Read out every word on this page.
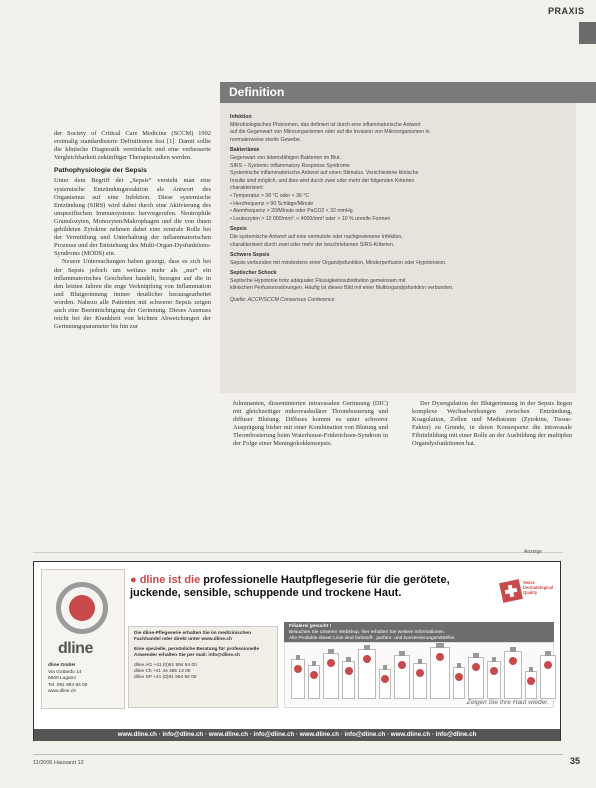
PRAXIS
Definition
Infektion
Mikrobiologisches Phänomen, das definiert ist durch eine inflammatorische Antwort
auf die Gegenwart von Mikroorganismen oder auf die Invasion von Mikroorganismen in
normalerweise sterile Gewebe.
Bakteriämie
Gegenwart von lebensfähigen Bakterien im Blut.
SIRS – Systemic inflammatory Response Syndrome
Systemische inflammatorische Antwort auf einen Stimulus. Verschiedene klinische
Insulte sind möglich, und dies wird durch zwei oder mehr der folgenden Kriterien
charakterisiert:
• Temperatur > 38 °C oder < 36 °C
• Herzfrequenz > 90 Schläge/Minute
• Atemfrequenz > 20/Minute oder PaCO2 < 32 mmHg
• Leukozyten > 12 000/mm³, < 4000/mm³ oder > 10 % unreife Formen
Sepsis
Die systemische Antwort auf eine vermutete oder nachgewiesene Infektion,
charakterisiert durch zwei oder mehr der beschriebenen SIRS-Kriterien.
Schwere Sepsis
Sepsis verbunden mit mindestens einer Organdysfunktion, Minderperfusion oder Hypotension.
Septischer Schock
Septische Hypotonie trotz adäquater Flüssigkeitssubstitution gemeinsam mit
klinischen Perfusionsstörungen. Häufig ist dieses Bild mit einer Multiorgandysfunktion verbunden.
Quelle: ACCP/SCCM Consensus Conference

der Society of Critical Care Medicine (SCCM) 1992 erstmalig standardisierte Definitionen fest [1]. Damit sollte die klinische Diagnostik vereinfacht und eine verbesserte Vergleichbarkeit zukünftiger Therapiestudien werden.

Pathophysiologie der Sepsis

Unter dem Begriff der „Sepsis“ versteht man eine systemische Entzündungsreaktion als Antwort des Organismus auf eine Infektion. Diese systemische Entzündung (SIRS) wird dabei durch eine Aktivierung des unspezifischen Immunsystems hervorgerufen. Neutrophile Granulozyten, Monozyten/Makrophagen und die von ihnen gebildeten Zytokine nehmen dabei eine zentrale Rolle bei der Vermittlung und Unterhaltung der inflammatorischen Prozesse und der Entstehung des Multi-Organ-Dysfunktions-Syndroms (MODS) ein.

Neuere Untersuchungen haben gezeigt, dass es sich bei der Sepsis jedoch um weitaus mehr als „nur“ ein inflammatorisches Geschehen handelt, bezogen auf die in den letzten Jahren die enge Verknüpfung von Inflammation und Blutgerinnung immer deutlicher herausgearbeitet worden. Nahezu alle Patienten mit schwerer Sepsis zeigen auch eine Beeinträchtigung der Gerinnung. Dieses Ausmass reicht bei der Krankheit von leichten Abweichungen der Gerinnungsparameter bis hin zur

fulminanten, disseminierten intravasalen Gerinnung (DIC) mit gleichzeitiger mikrovaskulärer Thrombosierung und diffuser Blutung. Diffuses kommt es unter schwerer Ausprägung bisher mit einer Kombination von Blutung und Thrombosierung beim Waterhouse-Friderichsen-Syndrom in der Folge einer Meningokokkensepsis.

Der Dysregulation der Blutgerinnung in der Sepsis liegen komplexe Wechselwirkungen zwischen Entzündung, Koagulation, Zellen und Mediatoren (Zytokine, Tissue-Faktor) zu Grunde, in deren Konsequenz die intravasale Fibrinbildung mit einer Rolle an der Ausbildung der multiplen Organdysfunktionen hat.

Anzeige
dline
dline GmbH
Via Gottardo 14
6900 Lugano
Tel. 091 994 84 00
www.dline.ch
● dline ist die professionelle Hautpflegeserie für die gerötete, juckende, sensible, schuppende und trockene Haut.
Swiss Dermatological Quality
Die dline-Pflegeserie erhalten Sie im medizinischen Fachhandel oder direkt unter www.dline.ch
Eine spezielle, persönliche Beratung für professionelle Anwender erhalten Sie per mail: info@dline.ch
dline AG +41 (0)91 994 84 00
dline Ch +41 44 485 13 00
dline SP +41 (0)91 994 84 00
Filialerei gesucht !
Besuchen Sie unseren Webshop, hier erhalten Sie weitere Informationen.
Alle Produkte dieser Linie sind farbstoff-, parfüm- und konservierungsmittelfrei.
Zeigen Sie Ihre Haut wieder.
www.dline.ch · info@dline.ch · www.dline.ch · info@dline.ch · www.dline.ch · info@dline.ch · www.dline.ch · info@dline.ch
11/2006 Hausarzt 12	35
